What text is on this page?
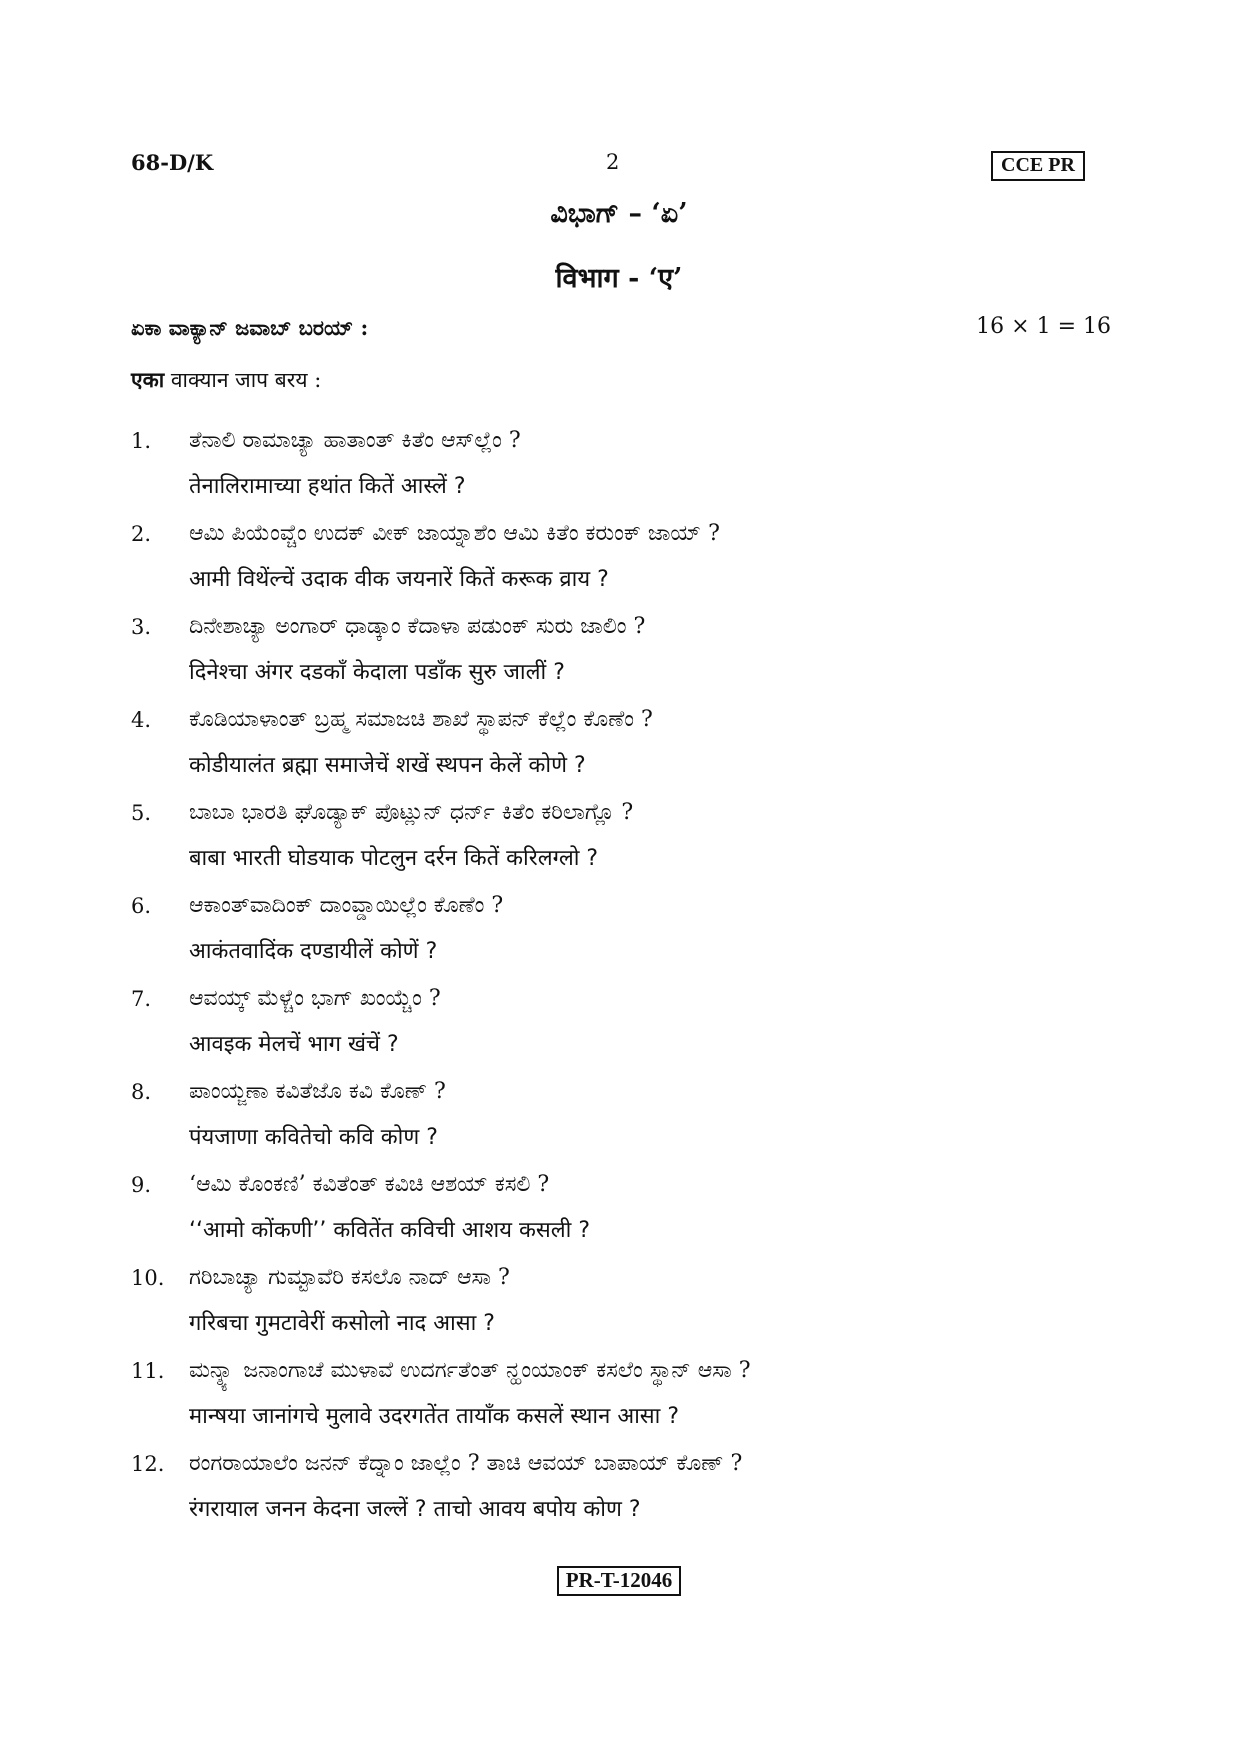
68-D/K	2	CCE PR
ವಿಭಾಗ್ – ‘ಏ’
विभाग - ‘ए’
ಏಕಾ ವಾಕ್ಯಾನ್ ಜವಾಬ್ ಬರಯ್ :	16 × 1 = 16
एका वाक्यान जाप बरय :
1.	ತೆನಾಲಿ ರಾಮಾಚ್ಯಾ ಹಾತಾಂತ್ ಕಿತೆಂ ಆಸ್‌ಲ್ಲೆಂ ?
तेनालिरामाच्या हथांत कितें आस्लें ?
2.	ಆಮಿ ಪಿಯೆಂವ್ಚೆಂ ಉದಕ್ ವೀಕ್ ಜಾಯ್ನಾಶೆಂ ಆಮಿ ಕಿತೆಂ ಕರುಂಕ್ ಜಾಯ್ ?
आमी विथेंल्चें उदाक वीक जयनारें कितें करूक व्राय ?
3.	ದಿನೇಶಾಚ್ಯಾ ಅಂಗಾರ್ ಧಾಡ್ಕಾಂ ಕೆದಾಳಾ ಪಡುಂಕ್ ಸುರು ಜಾಲಿಂ ?
दिनेश्चा अंगर दडकाँ केदाला पडाँक सुरु जालीं ?
4.	ಕೊಡಿಯಾಳಾಂತ್ ಬ್ರಹ್ಮ ಸಮಾಜಚಿ ಶಾಖೆ ಸ್ಥಾಪನ್ ಕೆಲ್ಲೆಂ ಕೊಣೆಂ ?
कोडीयालंत ब्रह्मा समाजेचें शखें स्थपन केलें कोणे ?
5.	ಬಾಬಾ ಭಾರತಿ ಘೊಡ್ಯಾಕ್ ಪೊಟ್ಲುನ್ ಧರ್ನ್ ಕಿತೆಂ ಕರಿಲಾಗ್ಲೊ ?
बाबा भारती घोडयाक पोटलुन दर्रन कितें करिलग्लो ?
6.	ಆಕಾಂತ್‌ವಾದಿಂಕ್ ದಾಂವ್ಡಾಯಿಲ್ಲೆಂ ಕೊಣೆಂ ?
आकंतवादिंक दण्डायीलें कोणें ?
7.	ಆವಯ್ಕ್ ಮೆಳ್ಚೆಂ ಭಾಗ್ ಖಂಯ್ಚೆಂ ?
आवइक मेलचें भाग खंचें ?
8.	ಪಾಂಯ್ಜಣಾ ಕವಿತೆಜೊ ಕವಿ ಕೊಣ್ ?
पंयजाणा कवितेचो कवि कोण ?
9.	‘ಆಮಿ ಕೊಂಕಣಿ’ ಕವಿತೆಂತ್ ಕವಿಚಿ ಆಶಯ್ ಕಸಲಿ ?
‘‘आमो कोंकणी’’ कवितेंत कविची आशय कसली ?
10.	ಗರಿಬಾಚ್ಯಾ ಗುಮ್ಟಾವೆರಿ ಕಸಲೊ ನಾದ್ ಆಸಾ ?
गरिबचा गुमटावेरीं कसोलो नाद आसा ?
11.	ಮನ್ಶ್ಯಾ ಜನಾಂಗಾಚೆ ಮುಳಾವೆ ಉದರ್ಗತೆಂತ್ ನ್ಹಂಯಾಂಕ್ ಕಸಲೆಂ ಸ್ಥಾನ್ ಆಸಾ ?
मान्षया जानांगचे मुलावे उदरगतेंत तायाँक कसलें स्थान आसा ?
12.	ರಂಗರಾಯಾಲೆಂ ಜನನ್ ಕೆದ್ನಾಂ ಜಾಲ್ಲೆಂ ? ತಾಚಿ ಆವಯ್ ಬಾಪಾಯ್ ಕೊಣ್ ?
रंगरायाल जनन केदना जल्लें ? ताचो आवय बपोय कोण ?
PR-T-12046
